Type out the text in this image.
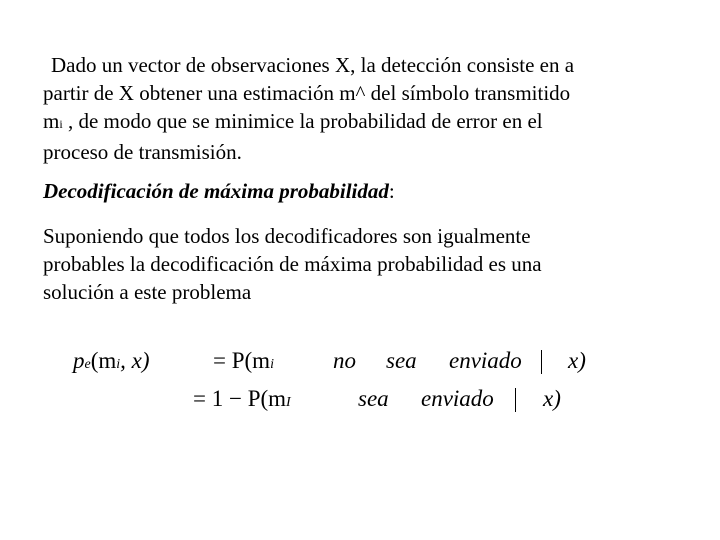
Dado un vector de observaciones X, la detección consiste en a
partir de X obtener una estimación m^ del símbolo transmitido
mi , de modo que se minimice la probabilidad de error en el
proceso de transmisión.

Decodificación de máxima probabilidad:

Suponiendo que todos los decodificadores son igualmente
probables la decodificación de máxima probabilidad es una
solución a este problema

pe(mi, x)	= P(mi	no sea enviado x)
= 1 − P(mI	sea enviado x)
